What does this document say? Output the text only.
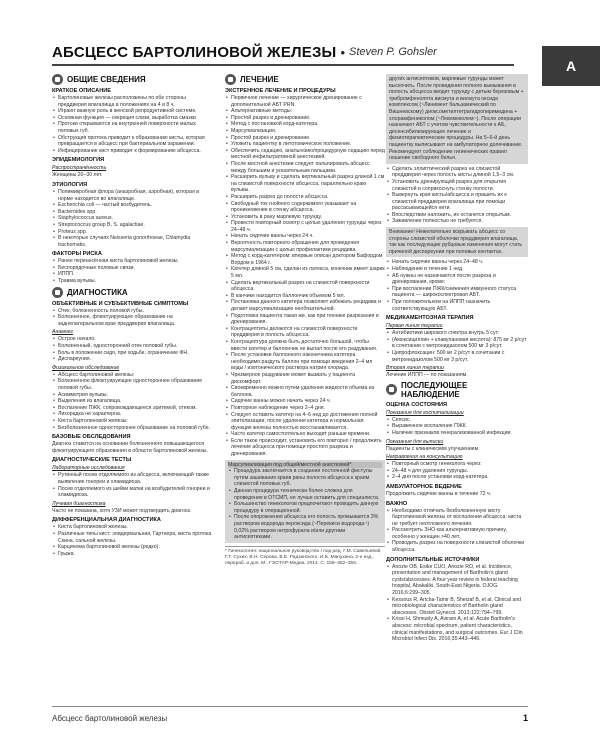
АБСЦЕСС БАРТОЛИНОВОЙ ЖЕЛЕЗЫ • Steven P. Gohsler
А
ОБЩИЕ СВЕДЕНИЯ
КРАТКОЕ ОПИСАНИЕ
• Бартолиновые железы расположены по обе стороны преддверия влагалища в положениях на 4 и 8 ч.
• Играют важную роль в женской репродуктивной системе.
• Основная функция — секреция слизи, выработка смазки.
• Протоки открываются на внутренней поверхности малых половых губ.
• Обструкция протока приводит к образованию кисты, которая превращается в абсцесс при бактериальном заражении.
• Инфицирование кист приводит к формированию абсцесса.
ЭПИДЕМИОЛОГИЯ
Распространённость

Женщины 20–30 лет.

ЭТИОЛОГИЯ
• Полимикробная флора (анаэробная, аэробная), которая в норме находится во влагалище.
• Escherichia coli — частый возбудитель.
• Bacteroides spp.
• Staphylococcus aureus.
• Streptococcus group B, S. agalactiae.
• Proteus spp.
• В некоторых случаях Neisseria gonorrhoeae, Chlamydia trachomatis.
ФАКТОРЫ РИСКА
• Ранее перенесённая киста бартолиновой железы.
• Беспорядочные половые связи.
• ИППП.
• Травма вульвы.
ДИАГНОСТИКА
ОБЪЕКТИВНЫЕ И СУБЪЕКТИВНЫЕ СИМПТОМЫ
• Отек, болезненность половой губы.
• Болезненное, флюктуирующее образование на заднелатеральном крае преддверия влагалища.
Анамнез
• Острое начало.
• Болезненный, односторонний отек половой губы.
• Боль в положении сидя, при ходьбе, ограничение ФН.
• Диспареуния.
Физикальное обследование
• Абсцесс бартолиновой железы:
• Болезненное флюктуирующее одностороннее образование половой губы.
• Асимметрия вульвы.
• Выделения из влагалища.
• Воспаление ПЖК, сопровождающееся эритемой, отеком.
• Лихорадка не характерна.
• Киста бартолиновой железы:
• Безболезненное одностороннее образование на половой губе.
БАЗОВЫЕ ОБСЛЕДОВАНИЯ

Диагноз ставится на основании болезненного повышающегося флюктуирующего образования в области бартолиновой железы.

ДИАГНОСТИЧЕСКИЕ ТЕСТЫ
Лабораторные исследования
• Рутинный посев отделяемого из абсцесса, включающий также выявление гонореи и хламидиоза.
• Посев отделяемого из шейки матки на возбудителей гонореи и хламидиоза.
Лучевая диагностика

Часто не показана, хотя УЗИ может подтвердить диагноз.

ДИФФЕРЕНЦИАЛЬНАЯ ДИАГНОСТИКА
• Киста бартолиновой железы.
• Различные типы кист: эпидермальная, Гартнера, киста протока Скина, сальной железы.
• Карцинома бартолиновой железы (редко).
• Грыжа.
ЛЕЧЕНИЕ
ЭКСТРЕННОЕ ЛЕЧЕНИЕ И ПРОЦЕДУРЫ
• Первичное лечение — хирургическое дренирование с дополнительной АБТ PRN.
• Альтернативные методы:
• Простой разрез и дренирование.
• Метод с постановкой корд-катетера.
• Марсупиализация.
• Простой разрез и дренирование.
• Уложить пациентку в литотомическое положение.
• Обеспечить седацию, анальгезию/процедурную седацию перед местной инфильтративной анестезией.
• После местной анестезии следует пальпировать абсцесс между большим и указательным пальцами.
• Расширить вульву и сделать вертикальный разрез длиной 1 см на слизистой поверхности абсцесса, параллельно краю вульвы.
• Расширить разрез до полости абсцесса.
• Свободный ток гнойного содержимого указывает на проникновение в стенку абсцесса.
• Установить в рану марлевую турунду.
• Провести повторный осмотр с целью удаления турунды через 24–48 ч.
• Начать сидячие ванны через 24 ч.
• Вероятность повторного обращения для проведения марсупиализации с целью профилактики рецидива.
• Метод с корд-катетером: впервые описан доктором Бафордом Вордом в 1964 г.
• Катетер длиной 5 см, сделан из латекса, конечник имеет шарик 5 мл.
• Сделать вертикальный разрез на слизистой поверхности абсцесса.
• В канчике находится баллончик объемом 5 мл.
• Постановка данного катетера позволяет избежать рецидива и делает марсупиализацию необязательной.
• Подготовка пациента такая же, как при технике разрезания и дренирования.
• Контрацептиты делаются на слизистой поверхности преддверия в полость абсцесса.
• Контрацептура должна быть достаточно большой, чтобы ввести катетер и баллончик не выпал после его раздувания.
• После установки баллонного наконечника катетера необходимо раздуть баллон при помощи введения 2–4 мл воды / изотонического раствора натрия хлорида.
• Чрезмерное раздувание может вызвать у пациента дискомфорт.
• Своевременно можно путем удаления жидкости объема из баллона.
• Сидячие ванны можно начать через 24 ч.
• Повторное наблюдение через 2–4 дня.
• Следует оставить катетер на 4–6 нед до достижения полной эпителизации; после удаления катетера и нормальная функция железы полностью восстанавливается.
• Часто катетер самостоятельно выходит раньше времени.
• Если такое происходит, установить его повторно / продолжить лечение абсцесса при помощи простого разреза и дренирования.

Марсупиализация под общей/местной анестезией*

• Процедура заключается в создании постоянной фистулы путем зашивания краев раны полости абсцесса к краям слизистой половых губ.
• Данная процедура технически более сложна для проведения в ОТСМП, ее лучше оставить для специалиста.
• Большинство гинекологов предпочитают проводить данную процедуру в операционной.
• После опорожнения абсцесса его полость промывается 3% раствором водорода пероксида (~Перекиси водорода~) 0,02% раствором нитрофурала и/или другими антисептиками.
* Гинекология: национальное руководство / под ред. Г.М. Савельевой, Г.Т. Сухих, В.Н. Серова, В.Е. Радзинского, И.Б. Манухина. 2-е изд., перераб. и доп. М.: ГЭОТАР-Медиа, 2014. С. 158–352–355.

других антисептиков, марлевые турунды может выскочить. После проведения полного вымывания в полость абсцесса вводят турунду с детым березовым + трибромфенолята висмута и висмута оксида комплексом (~Линимент бальзамический по Вишневскому) диоксометилтетрагидропиримидина + хлорамфениколом (~Левомеколем~). После операции назначают АБТ с учетом чувствительности к АБ, десенсибилизирующее лечение и физиотерапевтические процедуры. На 5–6-й день пациентку выписывают на амбулаторное долечивание. Рекомендуют соблюдение гигиенических правил ношение свободного белья.

• Сделать эллиптический разрез на слизистой преддверия через полость кисты длиной 1,5–3 см.
• Установить дренирующий разрез для открытия слизистой и соприкоснуть стенку полости.
• Вывернуть края кисты/абсцесса и пришить их к слизистой преддверия влагалища при помощи рассасывающейся нити.
• Впоследствии наложить, их останется открытым.
• Заживление полностью не требуется.

Внимание! Нежелательно вскрывать абсцесс со стороны слизистой оболочки преддверия влагалища, так как последующие рубцовые изменения могут стать причиной диспареунии при половых контактах.

• Начать сидячие ванны через 24–48 ч.
• Наблюдение в течение 1 нед.
• АБ нужны не назначаются после разреза и дренирования, кроме:
• При воспалении ПЖК/снижения иммунного статуса пациента — широкоспектровая АБТ.
• При положительном на ИППП назначить соответствующую АБТ.
МЕДИКАМЕНТОЗНАЯ ТЕРАПИЯ
Первая линия терапии
• Антибиотики широкого спектра внутрь 5 сут:
• (Амоксициллин + клавулановая кислота): 875 мг 2 р/сут в сочетании с метронидазолом 500 мг 3 р/сут.
• Ципрофлоксацин: 500 мг 2 р/сут в сочетании с метронидазолом 500 мг 3 р/сут.
Вторая линия терапии

Лечение ИППП — по показаниям.

ПОСЛЕДУЮЩЕЕ НАБЛЮДЕНИЕ
ОЦЕНКА СОСТОЯНИЯ
Показания для госпитализации
• Сепсис.
• Выраженное воспаление ПЖК.
• Наличие признаков генерализованной инфекции.
Показания для выписки

Пациенты с клиническим улучшением.

Направления на консультацию
• Повторный осмотр гинеколога через:
• 24–48 ч для удаления турунды.
• 2–4 дня после установки корд-катетера.
АМБУЛАТОРНОЕ ВЕДЕНИЕ

Продолжить сидячие ванны в течение 72 ч.

ВАЖНО
• Необходимо отличать безболезненную кисту бартолиновой железы от воспаления абсцесса; киста не требует неотложного лечения.
• Рассмотреть ЗНО как альтернативную причину, особенно у женщин >40 лет.
• Проводить разрез на поверхности слизистой оболочки абсцесса.
ДОПОЛНИТЕЛЬНЫЕ ИСТОЧНИКИ
• Anozie OB, Esike CUO, Anozie RO, et al. Incidence, presentation and management of Bartholin's gland cysts/abscesses: A four year review in federal teaching hospital, Abakaliki, South-East Nigeria. OJOG. 2016;6:299–305.
• Kessous R, Aricha-Tamir B, Sheizaf B, et al. Clinical and microbiological characteristics of Bartholin gland abscesses. Obstet Gynecol. 2013;122:794–799.
• Krissi H, Shmuely A, Aviram A, et al. Acute Bartholin's abscess: microbial spectrum, patient characteristics, clinical manifestations, and surgical outcomes. Eur J Clin Microbiol Infect Dis. 2016;35:443–446.
Абсцесс бартолиновой железы	1
